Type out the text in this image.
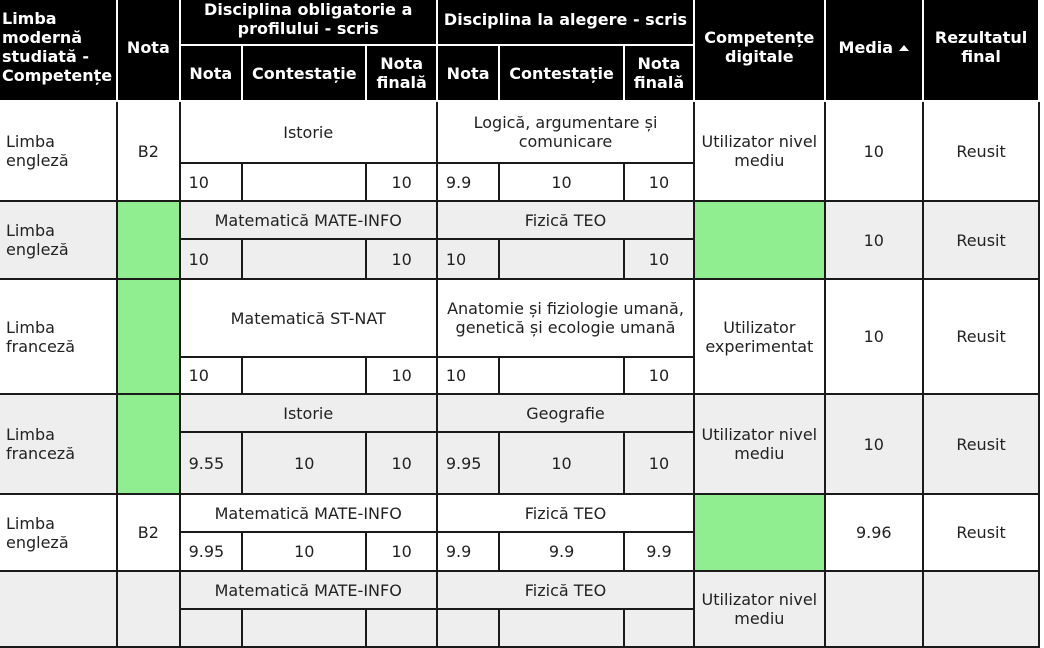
Limba modernă studiată - Competențe	Nota	Disciplina obligatorie a profilului - scris			Disciplina la alegere - scris			Competențe digitale	Media	Rezultatul final
		Nota	Contestație	Nota finală	Nota	Contestație	Nota finală			
Limba engleză	B2	Istorie			Logică, argumentare și comunicare			Utilizator nivel mediu	10	Reusit
		10		10	9.9	10	10			
Limba engleză		Matematică MATE-INFO			Fizică TEO				10	Reusit
		10		10	10		10			
Limba franceză		Matematică ST-NAT			Anatomie și fiziologie umană, genetică și ecologie umană			Utilizator experimentat	10	Reusit
		10		10	10		10			
Limba franceză		Istorie			Geografie			Utilizator nivel mediu	10	Reusit
		9.55	10	10	9.95	10	10			
Limba engleză	B2	Matematică MATE-INFO			Fizică TEO				9.96	Reusit
		9.95	10	10	9.9	9.9	9.9			
		Matematică MATE-INFO			Fizică TEO			Utilizator nivel mediu		
